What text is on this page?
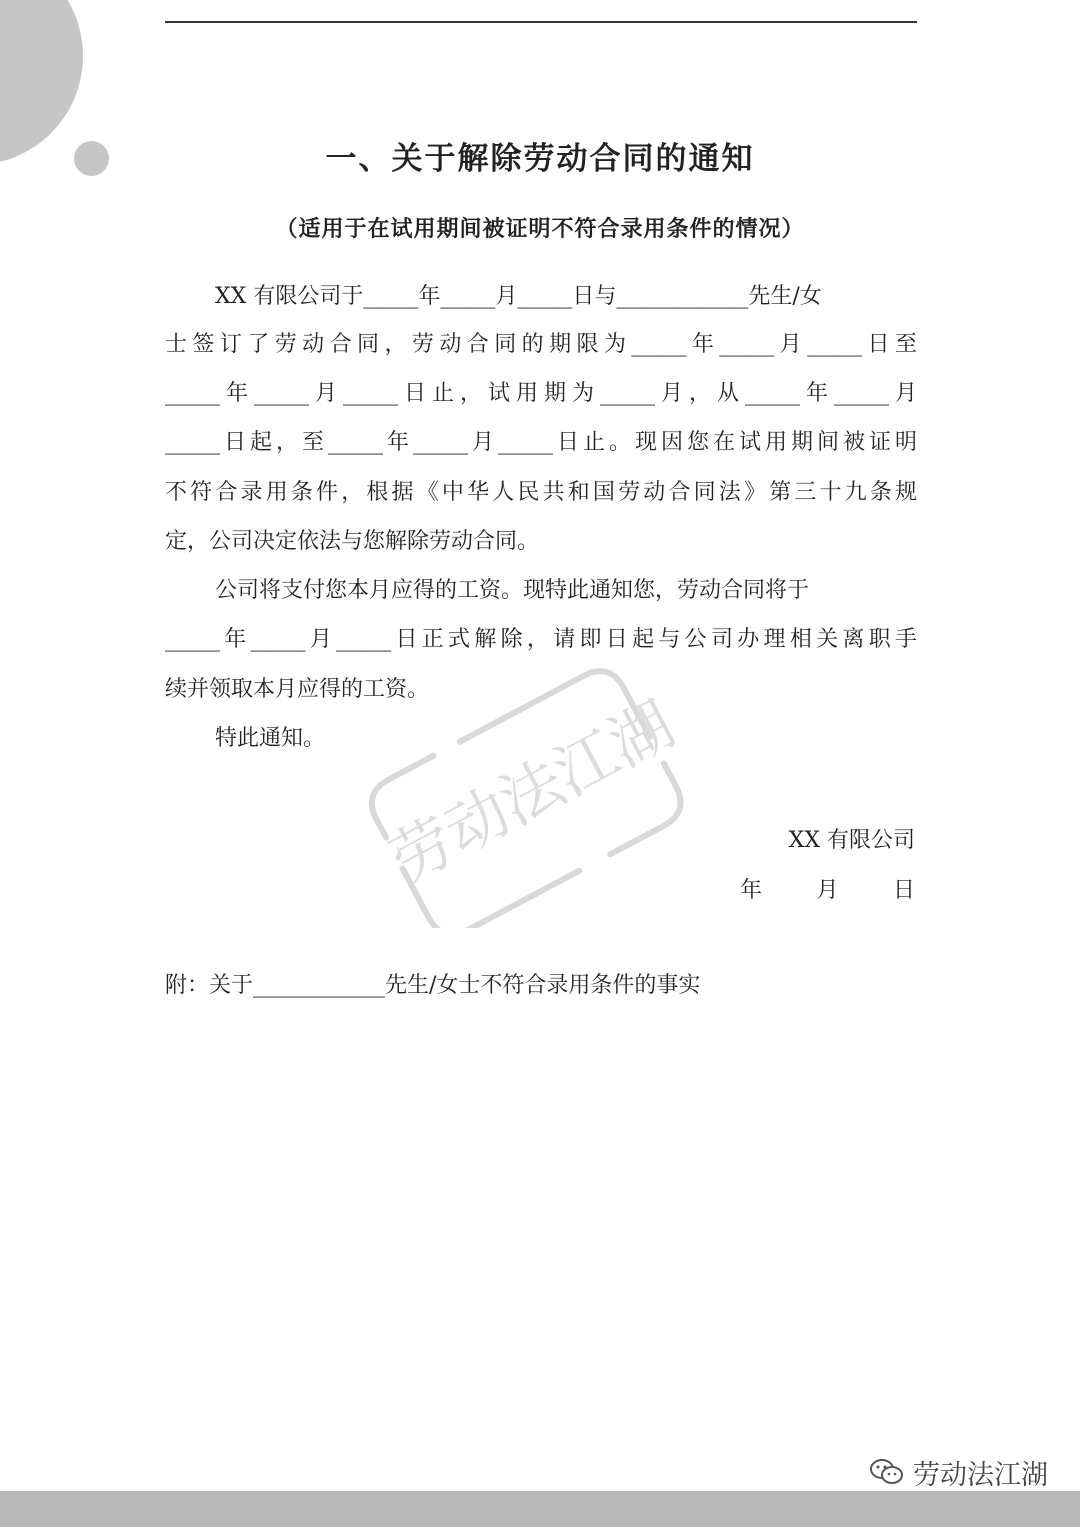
一、关于解除劳动合同的通知
（适用于在试用期间被证明不符合录用条件的情况）
XX 有限公司于_____年_____月_____日与____________先生/女
士签订了劳动合同，劳动合同的期限为_____年_____月_____日至
_____年_____月_____日止，试用期为_____月，从_____年_____月
_____日起，至_____年_____月_____日止。现因您在试用期间被证明
不符合录用条件，根据《中华人民共和国劳动合同法》第三十九条规
定，公司决定依法与您解除劳动合同。
公司将支付您本月应得的工资。现特此通知您，劳动合同将于
_____年_____月_____日正式解除，请即日起与公司办理相关离职手
续并领取本月应得的工资。
特此通知。
XX 有限公司
年 月 日
附：关于____________先生/女士不符合录用条件的事实
劳动法江湖
劳动法江湖
